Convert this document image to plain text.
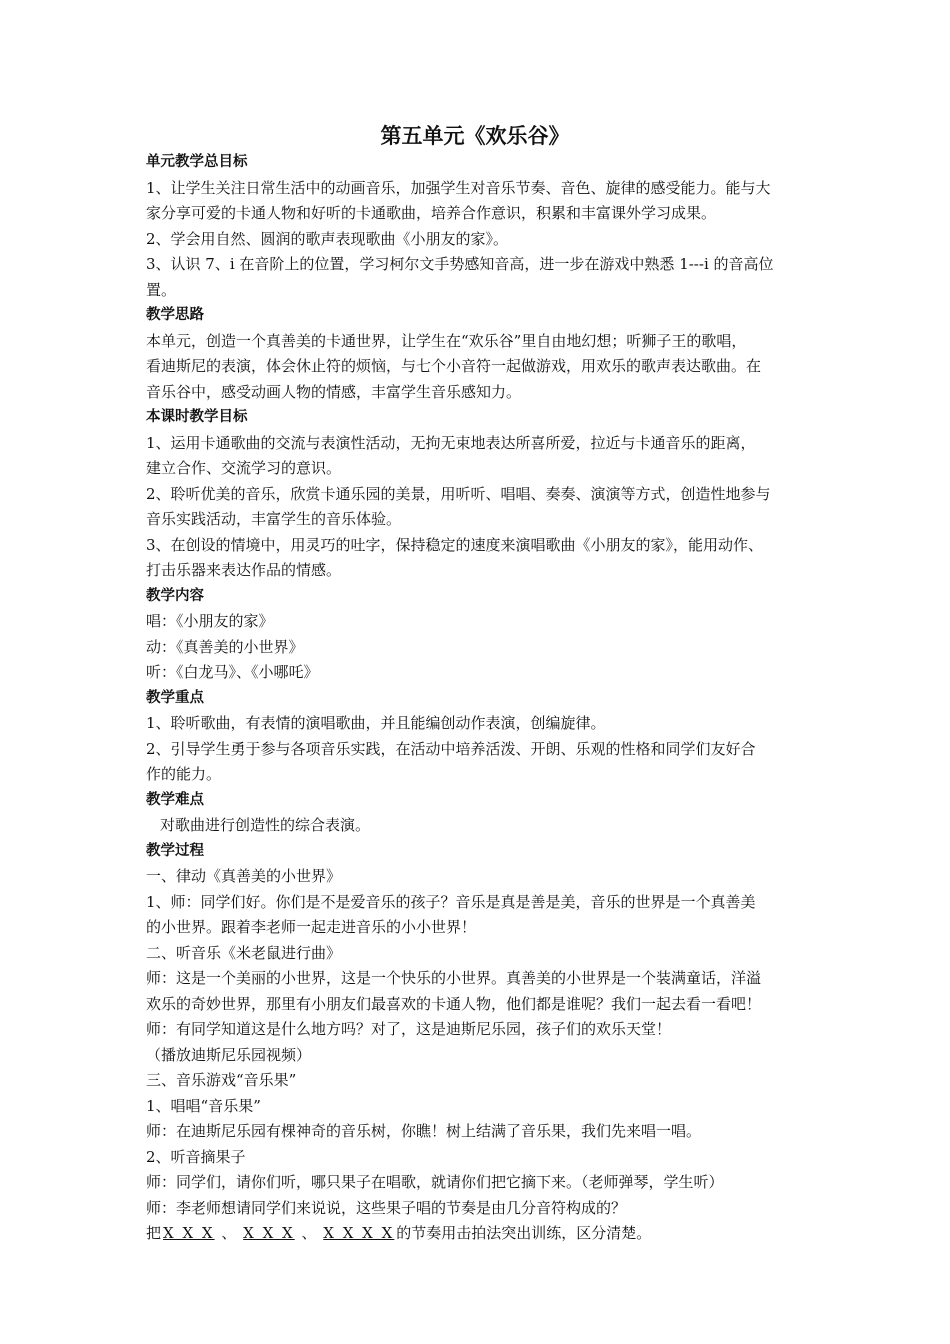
第五单元《欢乐谷》
单元教学总目标
1、让学生关注日常生活中的动画音乐，加强学生对音乐节奏、音色、旋律的感受能力。能与大
家分享可爱的卡通人物和好听的卡通歌曲，培养合作意识，积累和丰富课外学习成果。
2、学会用自然、圆润的歌声表现歌曲《小朋友的家》。
3、认识 7、i 在音阶上的位置，学习柯尔文手势感知音高，进一步在游戏中熟悉 1---i 的音高位
置。
教学思路
本单元，创造一个真善美的卡通世界，让学生在“欢乐谷”里自由地幻想；听狮子王的歌唱，
看迪斯尼的表演，体会休止符的烦恼，与七个小音符一起做游戏，用欢乐的歌声表达歌曲。在
音乐谷中，感受动画人物的情感，丰富学生音乐感知力。
本课时教学目标
1、运用卡通歌曲的交流与表演性活动，无拘无束地表达所喜所爱，拉近与卡通音乐的距离，
建立合作、交流学习的意识。
2、聆听优美的音乐，欣赏卡通乐园的美景，用听听、唱唱、奏奏、演演等方式，创造性地参与
音乐实践活动，丰富学生的音乐体验。
3、在创设的情境中，用灵巧的吐字，保持稳定的速度来演唱歌曲《小朋友的家》，能用动作、
打击乐器来表达作品的情感。
教学内容
唱：《小朋友的家》
动：《真善美的小世界》
听：《白龙马》、《小哪吒》
教学重点
1、聆听歌曲，有表情的演唱歌曲，并且能编创动作表演，创编旋律。
2、引导学生勇于参与各项音乐实践，在活动中培养活泼、开朗、乐观的性格和同学们友好合
作的能力。
教学难点
对歌曲进行创造性的综合表演。
教学过程
一、律动《真善美的小世界》
1、师：同学们好。你们是不是爱音乐的孩子？音乐是真是善是美，音乐的世界是一个真善美
的小世界。跟着李老师一起走进音乐的小小世界！
二、听音乐《米老鼠进行曲》
师：这是一个美丽的小世界，这是一个快乐的小世界。真善美的小世界是一个装满童话，洋溢
欢乐的奇妙世界，那里有小朋友们最喜欢的卡通人物，他们都是谁呢？我们一起去看一看吧！
师：有同学知道这是什么地方吗？对了，这是迪斯尼乐园，孩子们的欢乐天堂！
（播放迪斯尼乐园视频）
三、音乐游戏“音乐果”
1、唱唱“音乐果”
师：在迪斯尼乐园有棵神奇的音乐树，你瞧！树上结满了音乐果，我们先来唱一唱。
2、听音摘果子
师：同学们，请你们听，哪只果子在唱歌，就请你们把它摘下来。（老师弹琴，学生听）
师：李老师想请同学们来说说，这些果子唱的节奏是由几分音符构成的？
把 X X X 、 X X X 、 X X X X 的节奏用击拍法突出训练，区分清楚。
